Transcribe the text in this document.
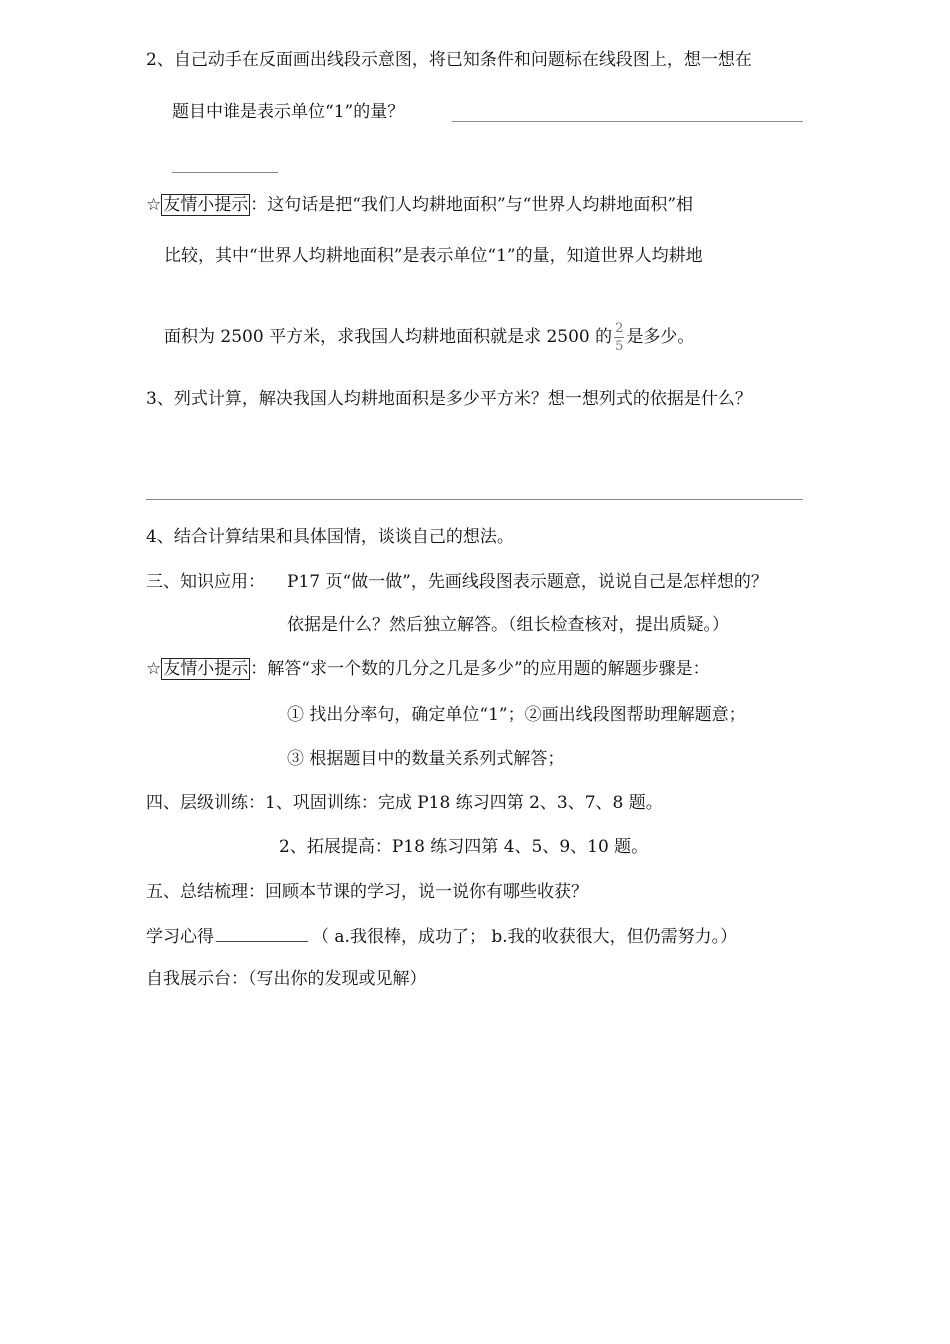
2、自己动手在反面画出线段示意图，将已知条件和问题标在线段图上，想一想在
题目中谁是表示单位“1”的量？
☆ 友情小提示 ：这句话是把“我们人均耕地面积”与“世界人均耕地面积”相
比较，其中“世界人均耕地面积”是表示单位“1”的量，知道世界人均耕地
面积为 2500 平方米，求我国人均耕地面积就是求 2500 的 $\frac{2}{5}$ 是多少。
3、列式计算，解决我国人均耕地面积是多少平方米？想一想列式的依据是什么？
4、结合计算结果和具体国情，谈谈自己的想法。
三、知识应用： P17 页“做一做”，先画线段图表示题意，说说自己是怎样想的？
依据是什么？然后独立解答。（组长检查核对，提出质疑。）
☆ 友情小提示 ：解答“求一个数的几分之几是多少”的应用题的解题步骤是：
① 找出分率句，确定单位“1”；②画出线段图帮助理解题意；
③ 根据题目中的数量关系列式解答；
四、层级训练：1、巩固训练：完成 P18 练习四第 2、3、7、8 题。
2、拓展提高：P18 练习四第 4、5、9、10 题。
五、总结梳理：回顾本节课的学习，说一说你有哪些收获？
学习心得	（ a.我很棒，成功了； b.我的收获很大，但仍需努力。）
自我展示台：（写出你的发现或见解）
